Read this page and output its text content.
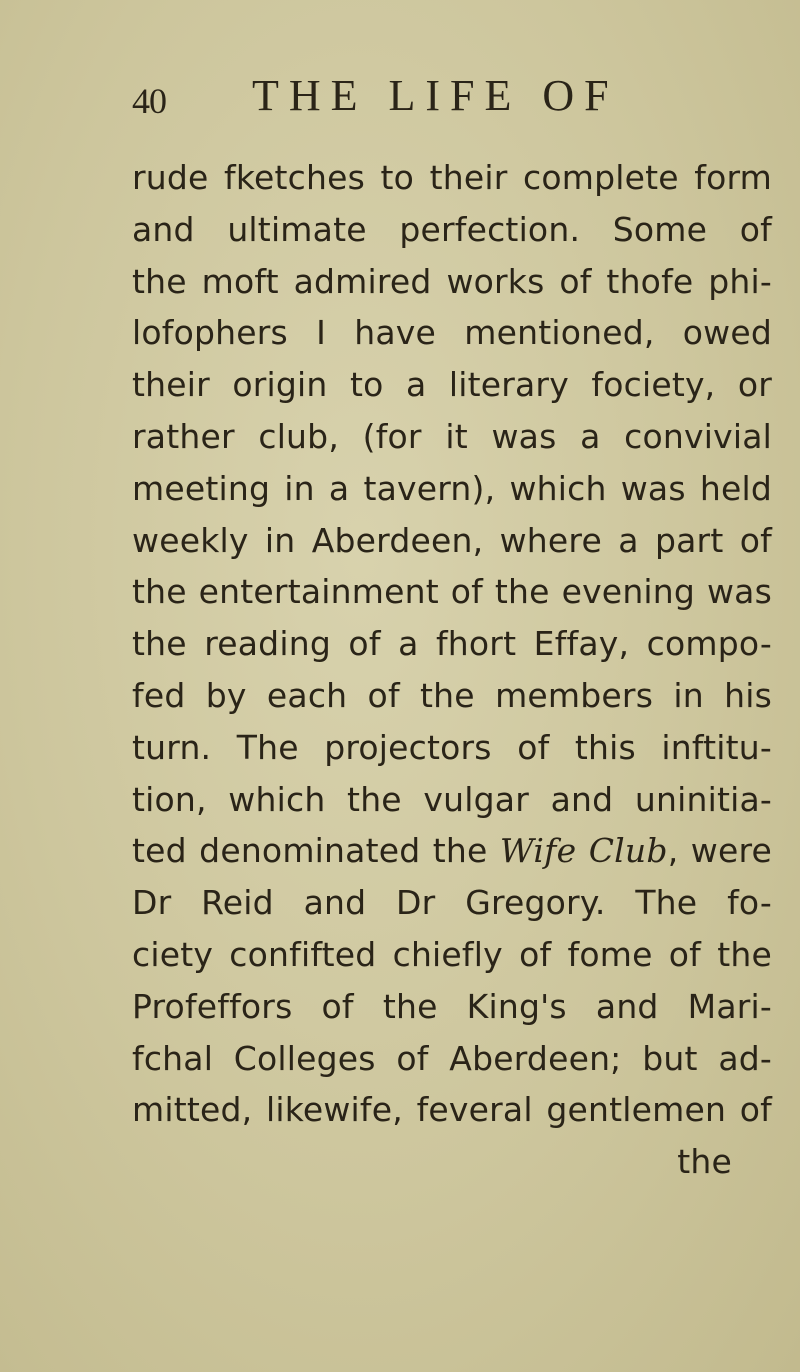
40 THE LIFE OF
rude fketches to their complete form
and ultimate perfection. Some of
the moft admired works of thofe phi-
lofophers I have mentioned, owed
their origin to a literary fociety, or
rather club, (for it was a convivial
meeting in a tavern), which was held
weekly in Aberdeen, where a part of
the entertainment of the evening was
the reading of a fhort Effay, compo-
fed by each of the members in his
turn. The projectors of this inftitu-
tion, which the vulgar and uninitia-
ted denominated the Wife Club, were
Dr Reid and Dr Gregory. The fo-
ciety confifted chiefly of fome of the
Profeffors of the King's and Mari-
fchal Colleges of Aberdeen; but ad-
mitted, likewife, feveral gentlemen of
the
